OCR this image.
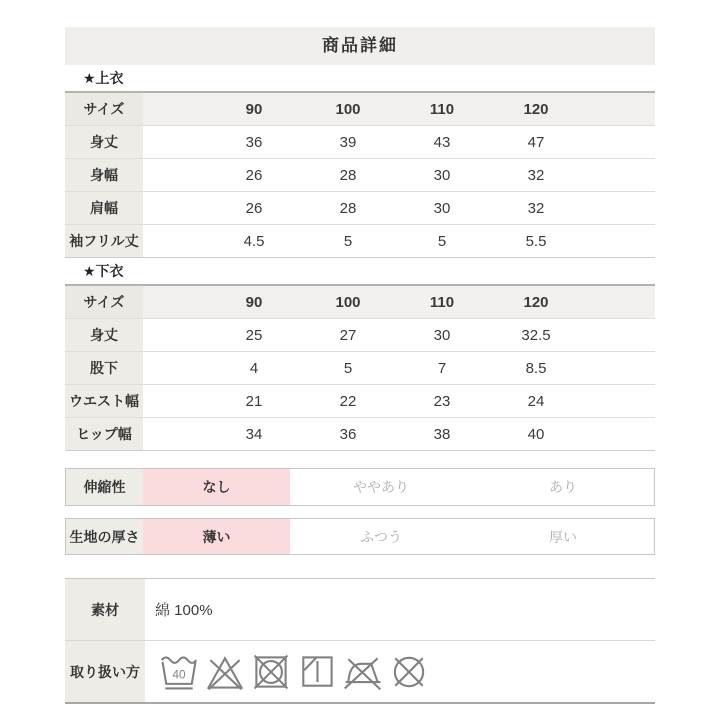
商品詳細
★上衣
サイズ		90	100	110	120	
身丈		36	39	43	47	
身幅		26	28	30	32	
肩幅		26	28	30	32	
袖フリル丈		4.5	5	5	5.5	
★下衣
サイズ		90	100	110	120	
身丈		25	27	30	32.5	
股下		4	5	7	8.5	
ウエスト幅		21	22	23	24	
ヒップ幅		34	36	38	40	
伸縮性	なし	ややあり	あり
生地の厚さ	薄い	ふつう	厚い
素材	綿 100%
取り扱い方	40
